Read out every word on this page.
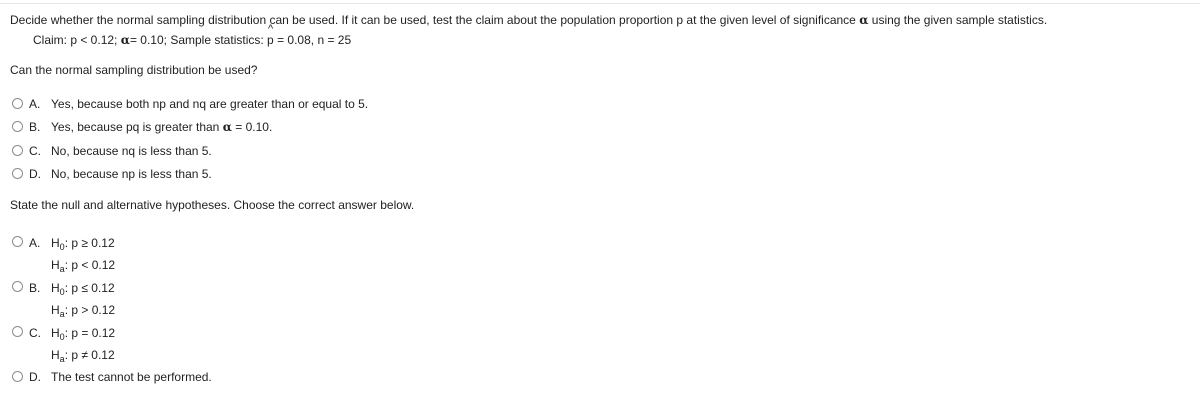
Decide whether the normal sampling distribution can be used. If it can be used, test the claim about the population proportion p at the given level of significance α using the given sample statistics.
Claim: p < 0.12; α= 0.10; Sample statistics: ^ p = 0.08, n = 25
Can the normal sampling distribution be used?
A. Yes, because both np and nq are greater than or equal to 5.
B. Yes, because pq is greater than α = 0.10.
C. No, because nq is less than 5.
D. No, because np is less than 5.
State the null and alternative hypotheses. Choose the correct answer below.
A. $H_0$: p ≥ 0.12
$H_a$: p < 0.12
B. $H_0$: p ≤ 0.12
$H_a$: p > 0.12
C. $H_0$: p = 0.12
$H_a$: p ≠ 0.12
D. The test cannot be performed.
